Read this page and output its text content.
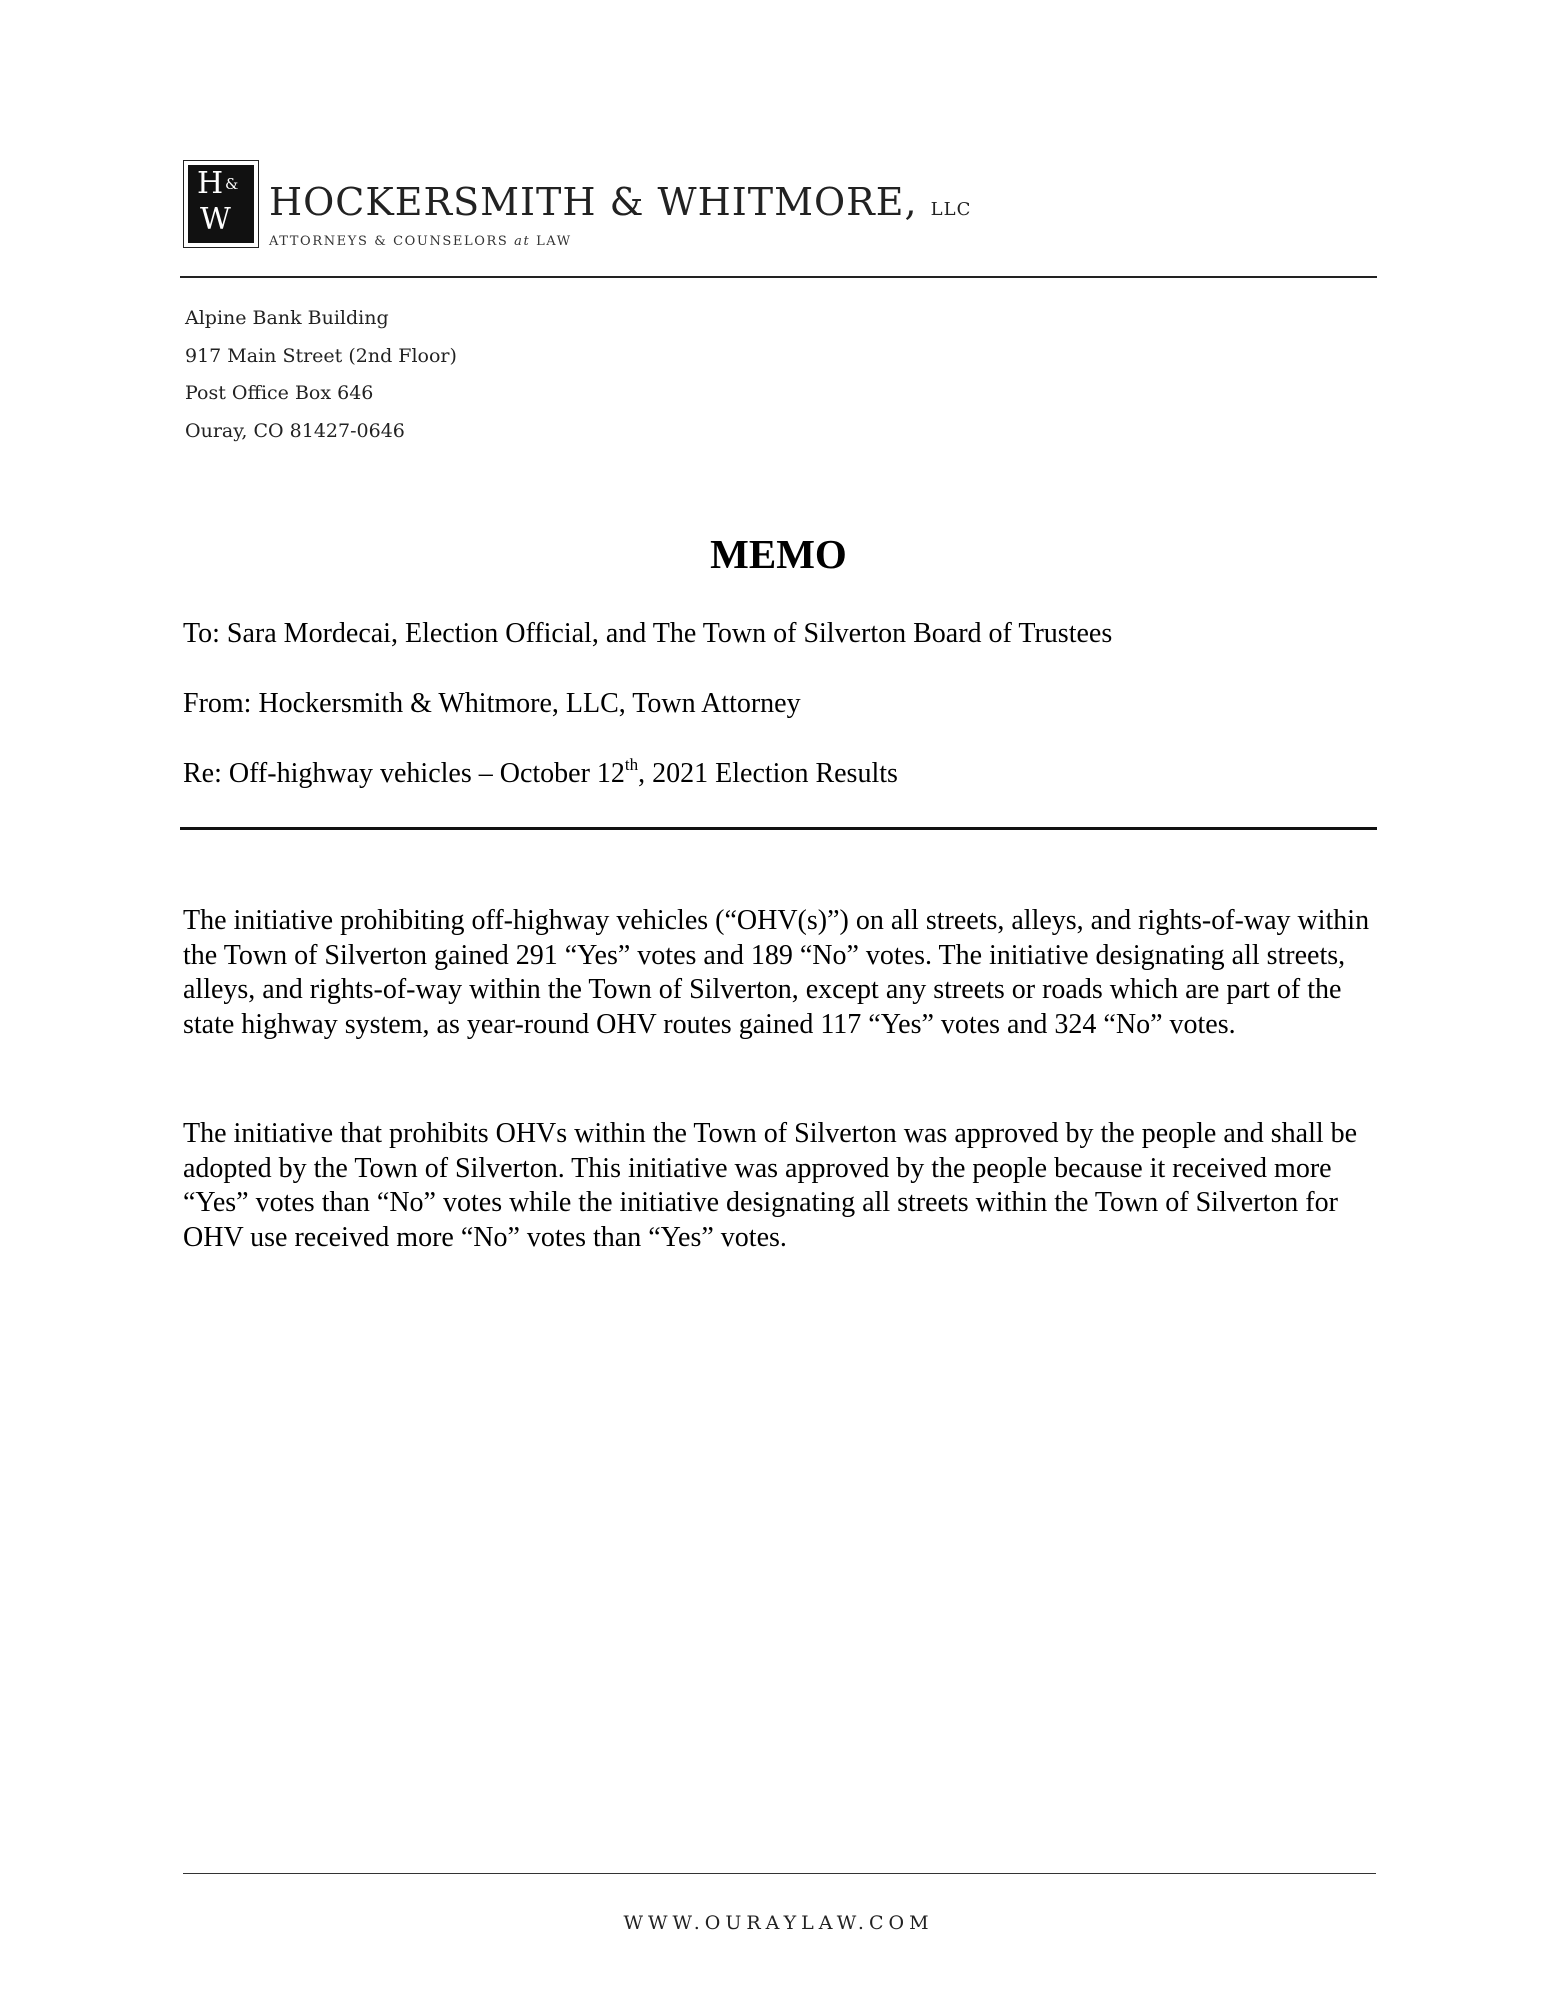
H &
W HOCKERSMITH & WHITMORE, LLC
ATTORNEYS & COUNSELORS at LAW
Alpine Bank Building
917 Main Street (2nd Floor)
Post Office Box 646
Ouray, CO 81427-0646
MEMO
To: Sara Mordecai, Election Official, and The Town of Silverton Board of Trustees
From: Hockersmith & Whitmore, LLC, Town Attorney
Re: Off-highway vehicles – October 12th, 2021 Election Results
The initiative prohibiting off-highway vehicles (“OHV(s)”) on all streets, alleys, and rights-of-way within the Town of Silverton gained 291 “Yes” votes and 189 “No” votes. The initiative designating all streets, alleys, and rights-of-way within the Town of Silverton, except any streets or roads which are part of the state highway system, as year-round OHV routes gained 117 “Yes” votes and 324 “No” votes.
The initiative that prohibits OHVs within the Town of Silverton was approved by the people and shall be adopted by the Town of Silverton. This initiative was approved by the people because it received more “Yes” votes than “No” votes while the initiative designating all streets within the Town of Silverton for OHV use received more “No” votes than “Yes” votes.
WWW.OURAYLAW.COM
